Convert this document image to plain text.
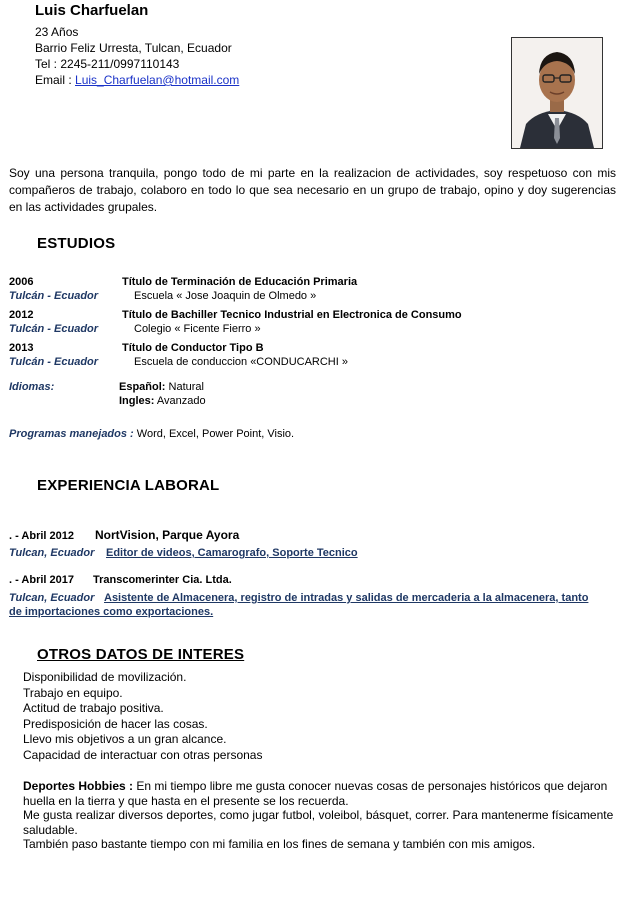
Luis Charfuelan
23 Años
Barrio Feliz Urresta, Tulcan, Ecuador
Tel : 2245-211/0997110143
Email : Luis_Charfuelan@hotmail.com
Soy una persona tranquila, pongo todo de mi parte en la realizacion de actividades, soy respetuoso con mis compañeros de trabajo, colaboro en todo lo que sea necesario en un grupo de trabajo, opino y doy sugerencias en las actividades grupales.
ESTUDIOS
2006	Título de Terminación de Educación Primaria
Tulcán - Ecuador	Escuela « Jose Joaquin de Olmedo »
2012	Título de Bachiller Tecnico Industrial en Electronica de Consumo
Tulcán - Ecuador	Colegio « Ficente Fierro »
2013	Título de Conductor Tipo B
Tulcán - Ecuador	Escuela de conduccion «CONDUCARCHI »
Idiomas:	Español: Natural
Ingles: Avanzado
Programas manejados : Word, Excel, Power Point, Visio.
EXPERIENCIA LABORAL
. - Abril 2012 NortVision, Parque Ayora
Tulcan, Ecuador Editor de videos, Camarografo, Soporte Tecnico
. - Abril 2017 Transcomerinter Cia. Ltda.
Tulcan, Ecuador Asistente de Almacenera, registro de intradas y salidas de mercaderia a la almacenera, tanto
de importaciones como exportaciones.
OTROS DATOS DE INTERES
Disponibilidad de movilización.
Trabajo en equipo.
Actitud de trabajo positiva.
Predisposición de hacer las cosas.
Llevo mis objetivos a un gran alcance.
Capacidad de interactuar con otras personas
Deportes Hobbies : En mi tiempo libre me gusta conocer nuevas cosas de personajes históricos que dejaron
huella en la tierra y que hasta en el presente se los recuerda.
Me gusta realizar diversos deportes, como jugar futbol, voleibol, básquet, correr. Para mantenerme físicamente
saludable.
También paso bastante tiempo con mi familia en los fines de semana y también con mis amigos.
